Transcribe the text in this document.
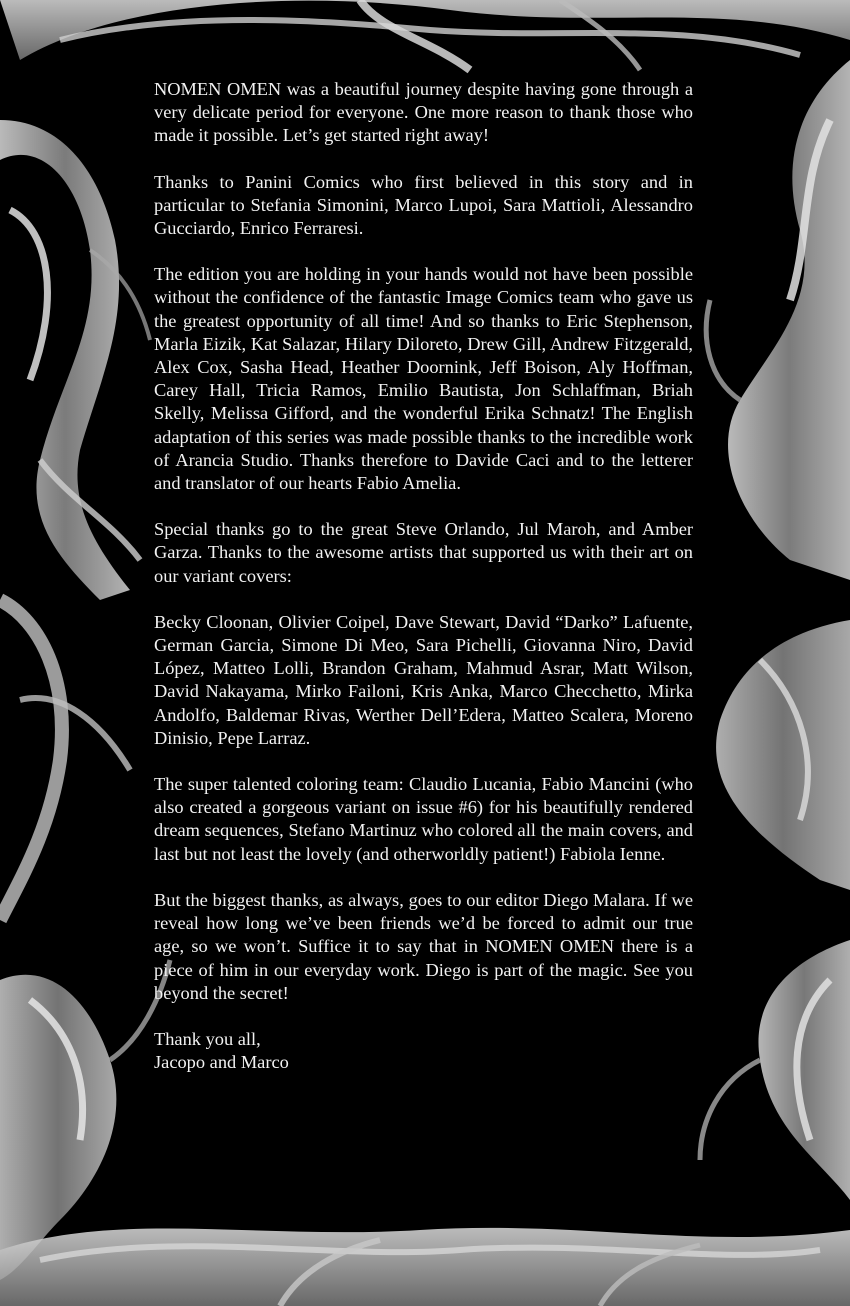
NOMEN OMEN was a beautiful journey despite having gone through a very delicate period for everyone. One more reason to thank those who made it possible. Let’s get started right away!

Thanks to Panini Comics who first believed in this story and in particular to Stefania Simonini, Marco Lupoi, Sara Mattioli, Alessandro Gucciardo, Enrico Ferraresi.

The edition you are holding in your hands would not have been possible without the confidence of the fantastic Image Comics team who gave us the greatest opportunity of all time! And so thanks to Eric Stephenson, Marla Eizik, Kat Salazar, Hilary Diloreto, Drew Gill, Andrew Fitzgerald, Alex Cox, Sasha Head, Heather Doornink, Jeff Boison, Aly Hoffman, Carey Hall, Tricia Ramos, Emilio Bautista, Jon Schlaffman, Briah Skelly, Melissa Gifford, and the wonderful Erika Schnatz! The English adaptation of this series was made possible thanks to the incredible work of Arancia Studio. Thanks therefore to Davide Caci and to the letterer and translator of our hearts Fabio Amelia.

Special thanks go to the great Steve Orlando, Jul Maroh, and Amber Garza. Thanks to the awesome artists that supported us with their art on our variant covers:

Becky Cloonan, Olivier Coipel, Dave Stewart, David “Darko” Lafuente, German Garcia, Simone Di Meo, Sara Pichelli, Giovanna Niro, David López, Matteo Lolli, Brandon Graham, Mahmud Asrar, Matt Wilson, David Nakayama, Mirko Failoni, Kris Anka, Marco Checchetto, Mirka Andolfo, Baldemar Rivas, Werther Dell’Edera, Matteo Scalera, Moreno Dinisio, Pepe Larraz.

The super talented coloring team: Claudio Lucania, Fabio Mancini (who also created a gorgeous variant on issue #6) for his beautifully rendered dream sequences, Stefano Martinuz who colored all the main covers, and last but not least the lovely (and otherworldly patient!) Fabiola Ienne.

But the biggest thanks, as always, goes to our editor Diego Malara. If we reveal how long we’ve been friends we’d be forced to admit our true age, so we won’t. Suffice it to say that in NOMEN OMEN there is a piece of him in our everyday work. Diego is part of the magic. See you beyond the secret!

Thank you all,
Jacopo and Marco
